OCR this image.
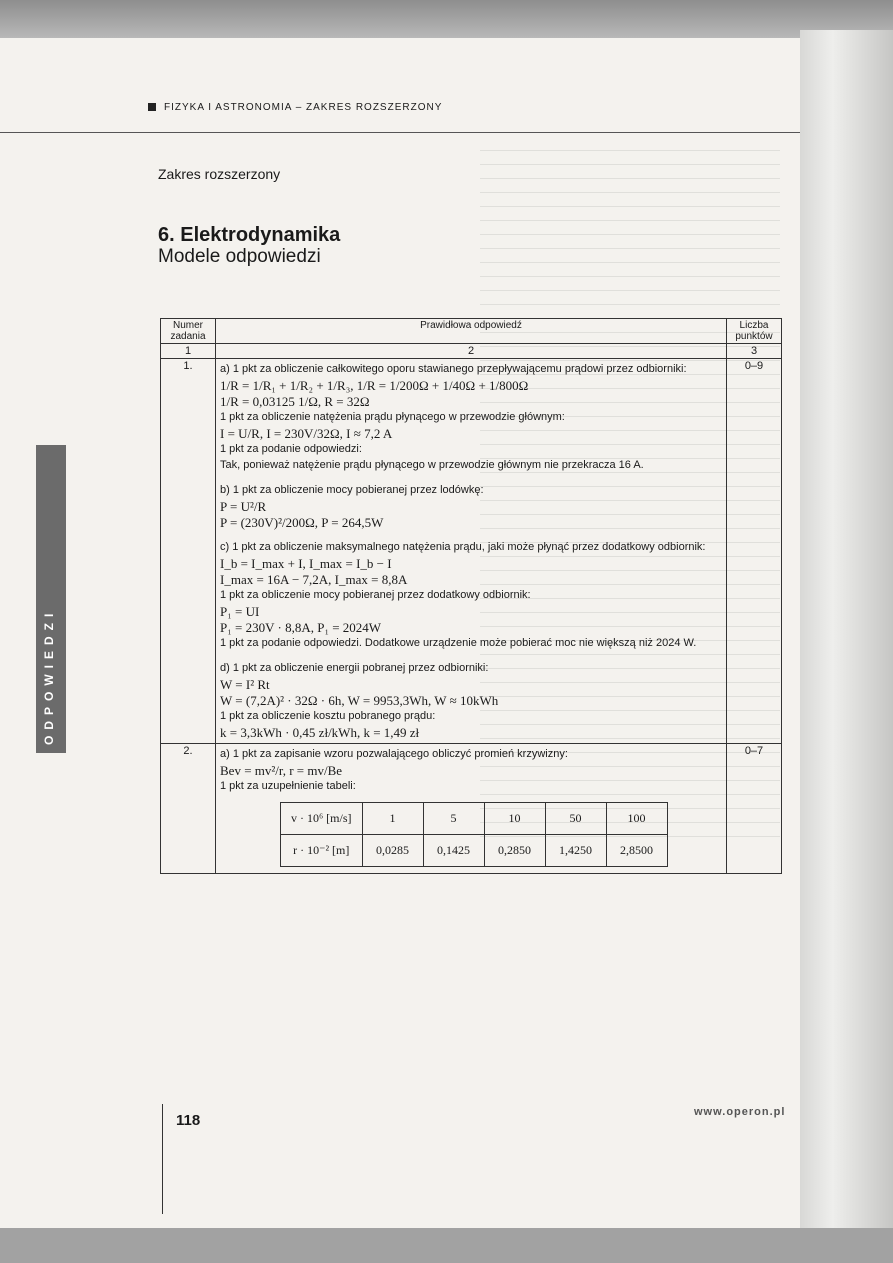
FIZYKA I ASTRONOMIA – ZAKRES ROZSZERZONY
Zakres rozszerzony
6. Elektrodynamika
Modele odpowiedzi
ODPOWIEDZI
Numer zadania	Prawidłowa odpowiedź	Liczba punktów
1	2	3
1.	a) 1 pkt za obliczenie całkowitego oporu stawianego przepływającemu prądowi przez odbiorniki:
1/R = 1/R₁ + 1/R₂ + 1/R₃, 1/R = 1/200Ω + 1/40Ω + 1/800Ω
1/R = 0,03125 1/Ω, R = 32Ω
1 pkt za obliczenie natężenia prądu płynącego w przewodzie głównym:
I = U/R, I = 230V/32Ω, I ≈ 7,2 A
1 pkt za podanie odpowiedzi:
Tak, ponieważ natężenie prądu płynącego w przewodzie głównym nie przekracza 16 A.
b) 1 pkt za obliczenie mocy pobieranej przez lodówkę:
P = U²/R
P = (230V)²/200Ω, P = 264,5W
c) 1 pkt za obliczenie maksymalnego natężenia prądu, jaki może płynąć przez dodatkowy odbiornik:
I_b = I_max + I, I_max = I_b − I
I_max = 16A − 7,2A, I_max = 8,8A
1 pkt za obliczenie mocy pobieranej przez dodatkowy odbiornik:
P₁ = UI
P₁ = 230V · 8,8A, P₁ = 2024W
1 pkt za podanie odpowiedzi. Dodatkowe urządzenie może pobierać moc nie większą niż 2024 W.
d) 1 pkt za obliczenie energii pobranej przez odbiorniki:
W = I² Rt
W = (7,2A)² · 32Ω · 6h, W = 9953,3Wh, W ≈ 10kWh
1 pkt za obliczenie kosztu pobranego prądu:
k = 3,3kWh · 0,45 zł/kWh, k = 1,49 zł
	0–9
2.	a) 1 pkt za zapisanie wzoru pozwalającego obliczyć promień krzywizny:
Bev = mv²/r, r = mv/Be
1 pkt za uzupełnienie tabeli:
v · 10⁶ [m/s]	1	5	10	50	100
r · 10⁻² [m]	0,0285	0,1425	0,2850	1,4250	2,8500
	0–7
118	www.operon.pl
